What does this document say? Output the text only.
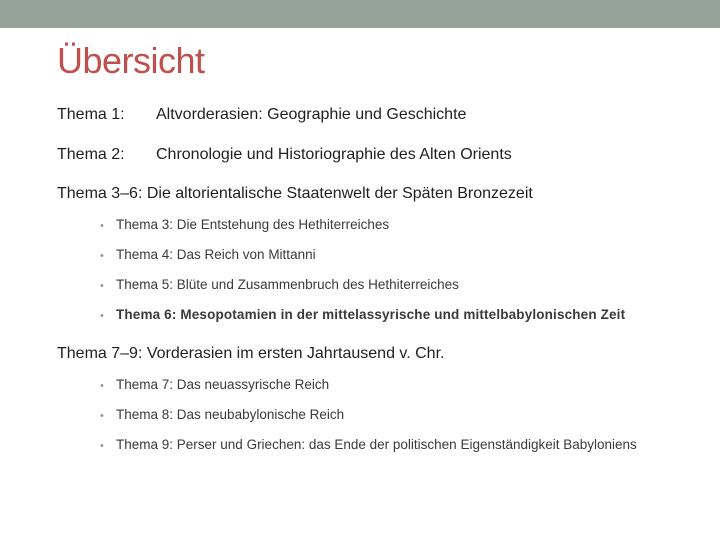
Übersicht
Thema 1: Altvorderasien: Geographie und Geschichte
Thema 2: Chronologie und Historiographie des Alten Orients
Thema 3–6: Die altorientalische Staatenwelt der Späten Bronzezeit
• Thema 3: Die Entstehung des Hethiterreiches
• Thema 4: Das Reich von Mittanni
• Thema 5: Blüte und Zusammenbruch des Hethiterreiches
• Thema 6: Mesopotamien in der mittelassyrische und mittelbabylonischen Zeit
Thema 7–9: Vorderasien im ersten Jahrtausend v. Chr.
• Thema 7: Das neuassyrische Reich
• Thema 8: Das neubabylonische Reich
• Thema 9: Perser und Griechen: das Ende der politischen Eigenständigkeit Babyloniens
